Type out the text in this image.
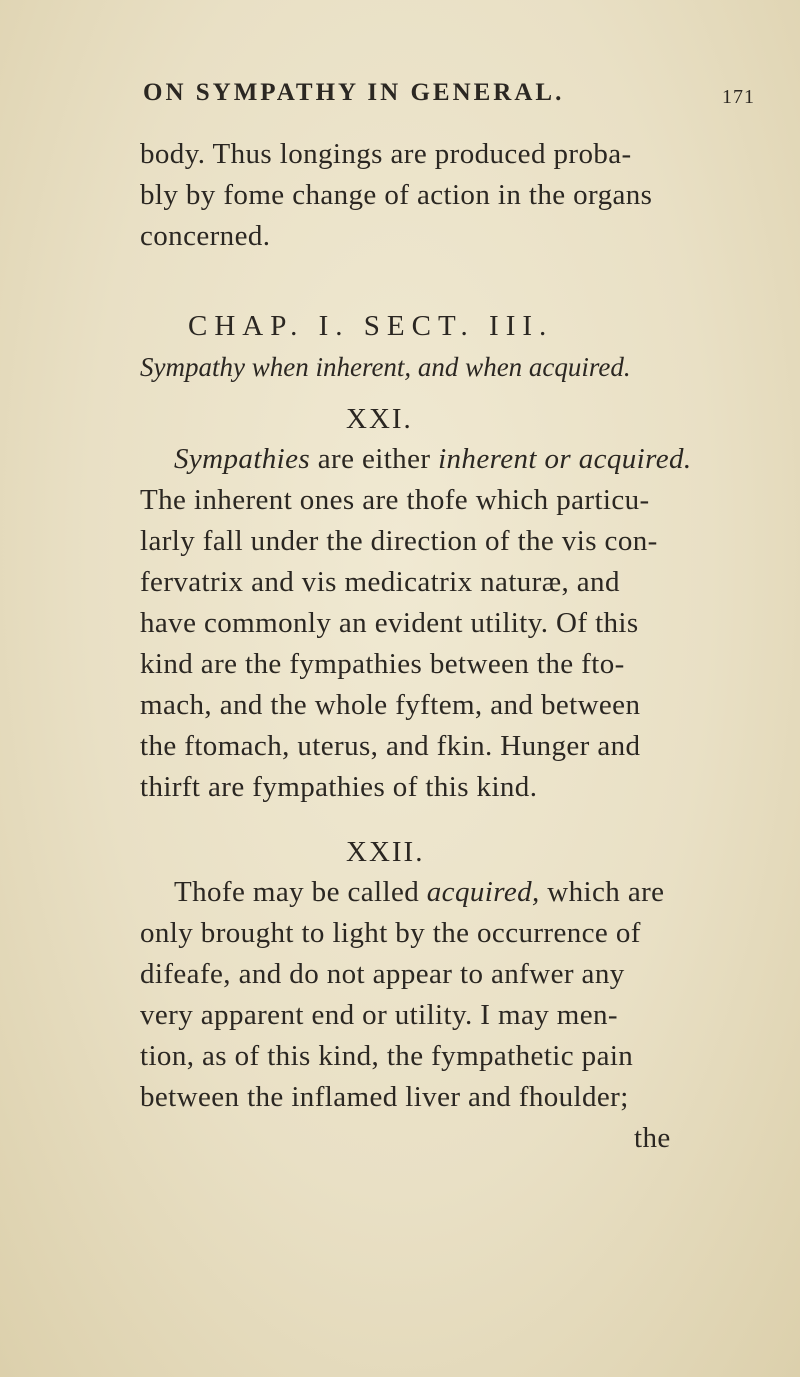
ON SYMPATHY IN GENERAL.	171
body. Thus longings are produced proba-
bly by fome change of action in the organs
concerned.
CHAP. I. SECT. III.
Sympathy when inherent, and when acquired.
XXI.
Sympathies are either inherent or acquired.
The inherent ones are thofe which particu-
larly fall under the direction of the vis con-
fervatrix and vis medicatrix naturæ, and
have commonly an evident utility. Of this
kind are the fympathies between the fto-
mach, and the whole fyftem, and between
the ftomach, uterus, and fkin. Hunger and
thirft are fympathies of this kind.
XXII.
Thofe may be called acquired, which are
only brought to light by the occurrence of
difeafe, and do not appear to anfwer any
very apparent end or utility. I may men-
tion, as of this kind, the fympathetic pain
between the inflamed liver and fhoulder;
the
